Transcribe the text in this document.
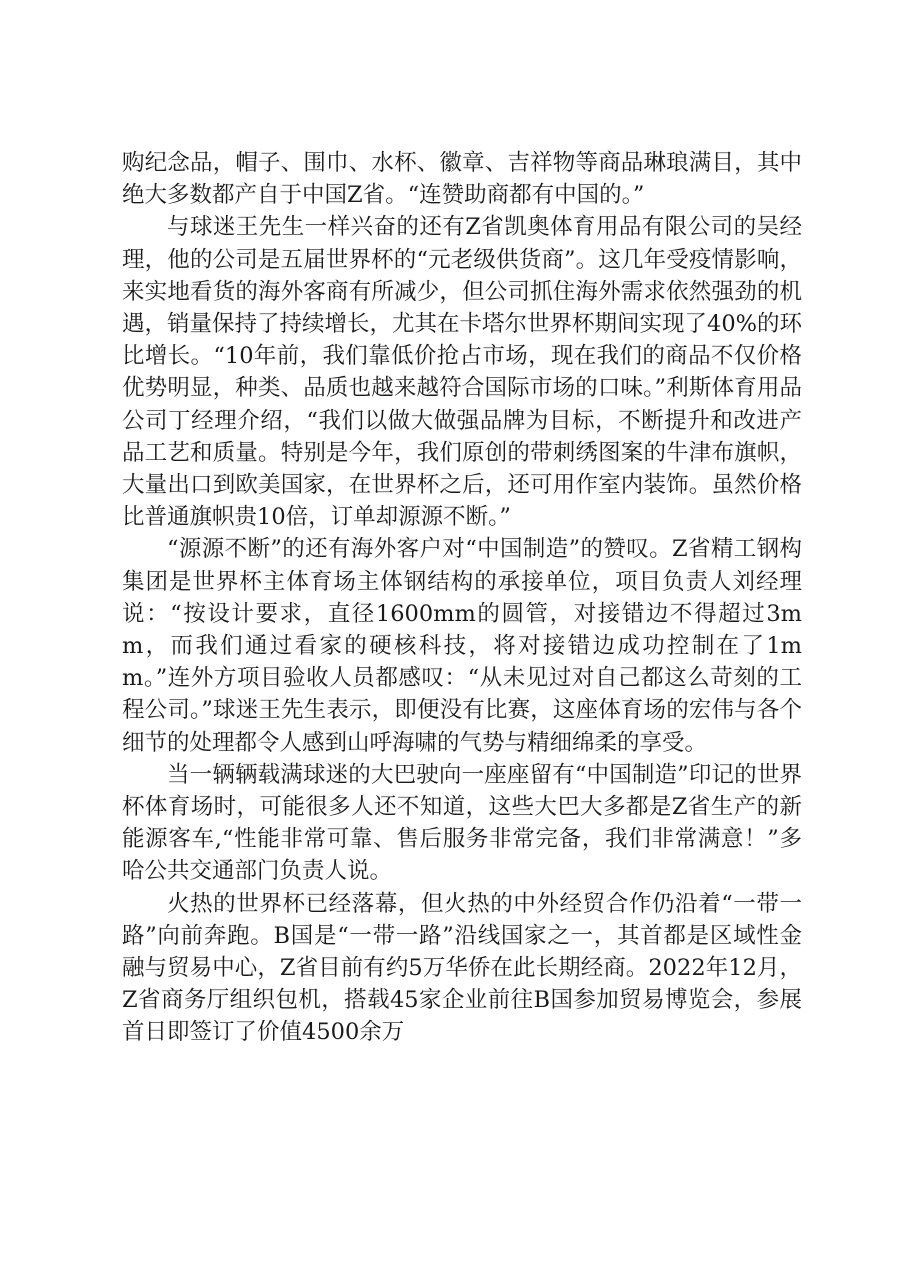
购纪念品，帽子、围巾、水杯、徽章、吉祥物等商品琳琅满目，其中绝大多数都产自于中国Z省。“连赞助商都有中国的。”

与球迷王先生一样兴奋的还有Z省凯奥体育用品有限公司的吴经理，他的公司是五届世界杯的“元老级供货商”。这几年受疫情影响，来实地看货的海外客商有所减少，但公司抓住海外需求依然强劲的机遇，销量保持了持续增长，尤其在卡塔尔世界杯期间实现了40%的环比增长。“10年前，我们靠低价抢占市场，现在我们的商品不仅价格优势明显，种类、品质也越来越符合国际市场的口味。”利斯体育用品公司丁经理介绍，“我们以做大做强品牌为目标，不断提升和改进产品工艺和质量。特别是今年，我们原创的带刺绣图案的牛津布旗帜，大量出口到欧美国家，在世界杯之后，还可用作室内装饰。虽然价格比普通旗帜贵10倍，订单却源源不断。”

“源源不断”的还有海外客户对“中国制造”的赞叹。Z省精工钢构集团是世界杯主体育场主体钢结构的承接单位，项目负责人刘经理说：“按设计要求，直径1600mm的圆管，对接错边不得超过3mm，而我们通过看家的硬核科技，将对接错边成功控制在了1mm。”连外方项目验收人员都感叹：“从未见过对自己都这么苛刻的工程公司。”球迷王先生表示，即便没有比赛，这座体育场的宏伟与各个细节的处理都令人感到山呼海啸的气势与精细绵柔的享受。

当一辆辆载满球迷的大巴驶向一座座留有“中国制造”印记的世界杯体育场时，可能很多人还不知道，这些大巴大多都是Z省生产的新能源客车,“性能非常可靠、售后服务非常完备，我们非常满意！”多哈公共交通部门负责人说。

火热的世界杯已经落幕，但火热的中外经贸合作仍沿着“一带一路”向前奔跑。B国是“一带一路”沿线国家之一，其首都是区域性金融与贸易中心，Z省目前有约5万华侨在此长期经商。2022年12月，Z省商务厅组织包机，搭载45家企业前往B国参加贸易博览会，参展首日即签订了价值4500余万
